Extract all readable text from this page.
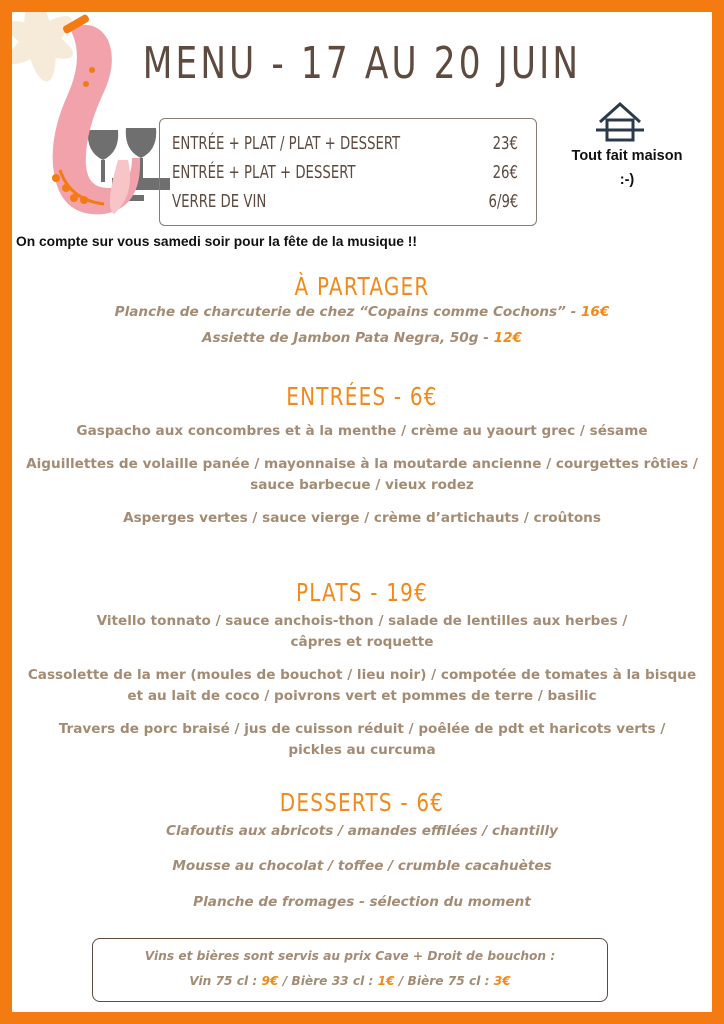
MENU - 17 AU 20 JUIN
ENTRÉE + PLAT / PLAT + DESSERT	23€
ENTRÉE + PLAT + DESSERT	26€
VERRE DE VIN	6/9€
Tout fait maison
:-)
On compte sur vous samedi soir pour la fête de la musique !!
À PARTAGER
Planche de charcuterie de chez “Copains comme Cochons” - 16€
Assiette de Jambon Pata Negra, 50g - 12€
ENTRÉES - 6€
Gaspacho aux concombres et à la menthe / crème au yaourt grec / sésame
Aiguillettes de volaille panée / mayonnaise à la moutarde ancienne / courgettes rôties /
sauce barbecue / vieux rodez
Asperges vertes / sauce vierge / crème d’artichauts / croûtons
PLATS - 19€
Vitello tonnato / sauce anchois-thon / salade de lentilles aux herbes /
câpres et roquette
Cassolette de la mer (moules de bouchot / lieu noir) / compotée de tomates à la bisque
et au lait de coco / poivrons vert et pommes de terre / basilic
Travers de porc braisé / jus de cuisson réduit / poêlée de pdt et haricots verts /
pickles au curcuma
DESSERTS - 6€
Clafoutis aux abricots / amandes effilées / chantilly
Mousse au chocolat / toffee / crumble cacahuètes
Planche de fromages - sélection du moment
Vins et bières sont servis au prix Cave + Droit de bouchon :
Vin 75 cl : 9€ / Bière 33 cl : 1€ / Bière 75 cl : 3€
